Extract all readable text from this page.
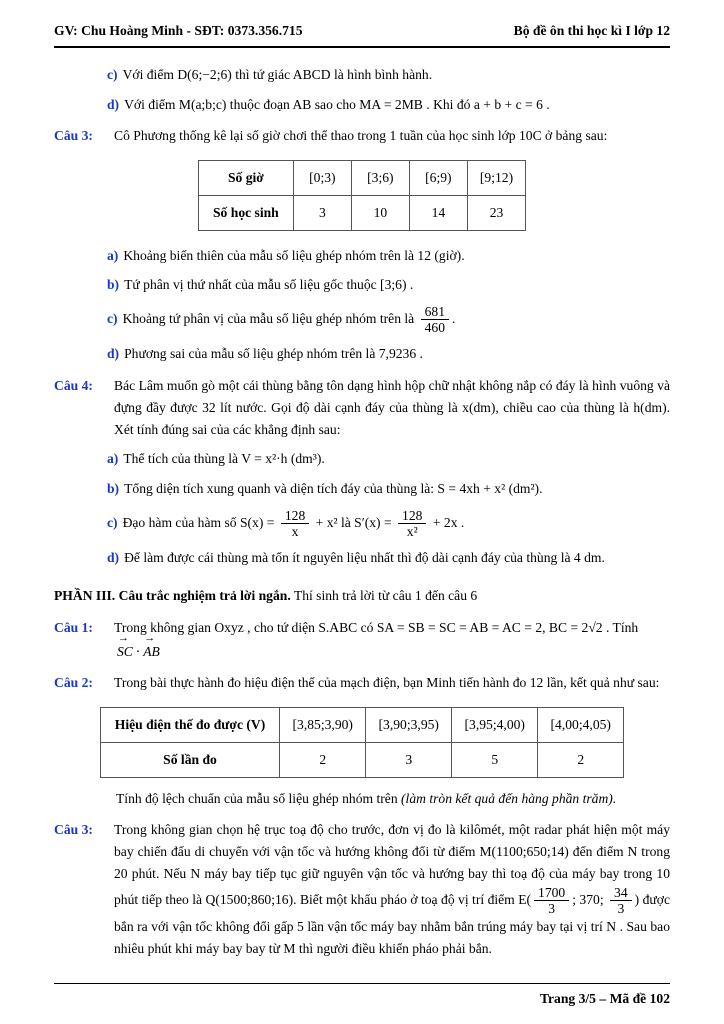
GV: Chu Hoàng Minh - SĐT: 0373.356.715	Bộ đề ôn thi học kì I lớp 12
c) Với điểm D(6;−2;6) thì tứ giác ABCD là hình bình hành.
d) Với điểm M(a;b;c) thuộc đoạn AB sao cho MA = 2MB . Khi đó a + b + c = 6 .
Câu 3:	Cô Phương thống kê lại số giờ chơi thể thao trong 1 tuần của học sinh lớp 10C ở bảng sau:
Số giờ	[0;3)	[3;6)	[6;9)	[9;12)
Số học sinh	3	10	14	23
a) Khoảng biến thiên của mẫu số liệu ghép nhóm trên là 12 (giờ).
b) Tứ phân vị thứ nhất của mẫu số liệu gốc thuộc [3;6) .
c) Khoảng tứ phân vị của mẫu số liệu ghép nhóm trên là $\frac{681}{460}$ .
d) Phương sai của mẫu số liệu ghép nhóm trên là 7,9236 .
Câu 4:	Bác Lâm muốn gò một cái thùng bằng tôn dạng hình hộp chữ nhật không nắp có đáy là hình vuông và đựng đầy được 32 lít nước. Gọi độ dài cạnh đáy của thùng là x(dm), chiều cao của thùng là h(dm). Xét tính đúng sai của các khẳng định sau:
a) Thể tích của thùng là V = x²·h (dm³).
b) Tổng diện tích xung quanh và diện tích đáy của thùng là: S = 4xh + x² (dm²).
c) Đạo hàm của hàm số $S(x) = \frac{128}{x} + x^2$ là $S'(x) = \frac{128}{\text{x²}} + 2x$ .
d) Để làm được cái thùng mà tốn ít nguyên liệu nhất thì độ dài cạnh đáy của thùng là 4 dm.
PHẦN III. Câu trắc nghiệm trả lời ngắn. Thí sinh trả lời từ câu 1 đến câu 6
Câu 1:	Trong không gian Oxyz , cho tứ diện S.ABC có SA = SB = SC = AB = AC = 2, BC = 2√2 . Tính
→ SC ⋅ → AB
Câu 2:	Trong bài thực hành đo hiệu điện thế của mạch điện, bạn Minh tiến hành đo 12 lần, kết quả như sau:
Hiệu điện thế đo được (V)	[3,85;3,90)	[3,90;3,95)	[3,95;4,00)	[4,00;4,05)
Số lần đo	2	3	5	2
Tính độ lệch chuẩn của mẫu số liệu ghép nhóm trên (làm tròn kết quả đến hàng phần trăm).
Câu 3:	Trong không gian chọn hệ trục toạ độ cho trước, đơn vị đo là kilômét, một radar phát hiện một máy bay chiến đấu di chuyển với vận tốc và hướng không đổi từ điểm M(1100;650;14) đến điểm N trong 20 phút. Nếu N máy bay tiếp tục giữ nguyên vận tốc và hướng bay thì toạ độ của máy bay trong 10 phút tiếp theo là Q(1500;860;16). Biết một khẩu pháo ở toạ độ vị trí điểm $E( \frac{1700}{3}$ ; 370; $\frac{34}{3}$ ) được bắn ra với vận tốc không đổi gấp 5 lần vận tốc máy bay nhằm bắn trúng máy bay tại vị trí N . Sau bao nhiêu phút khi máy bay bay từ M thì người điều khiển pháo phải bắn.
Trang 3/5 – Mã đề 102
